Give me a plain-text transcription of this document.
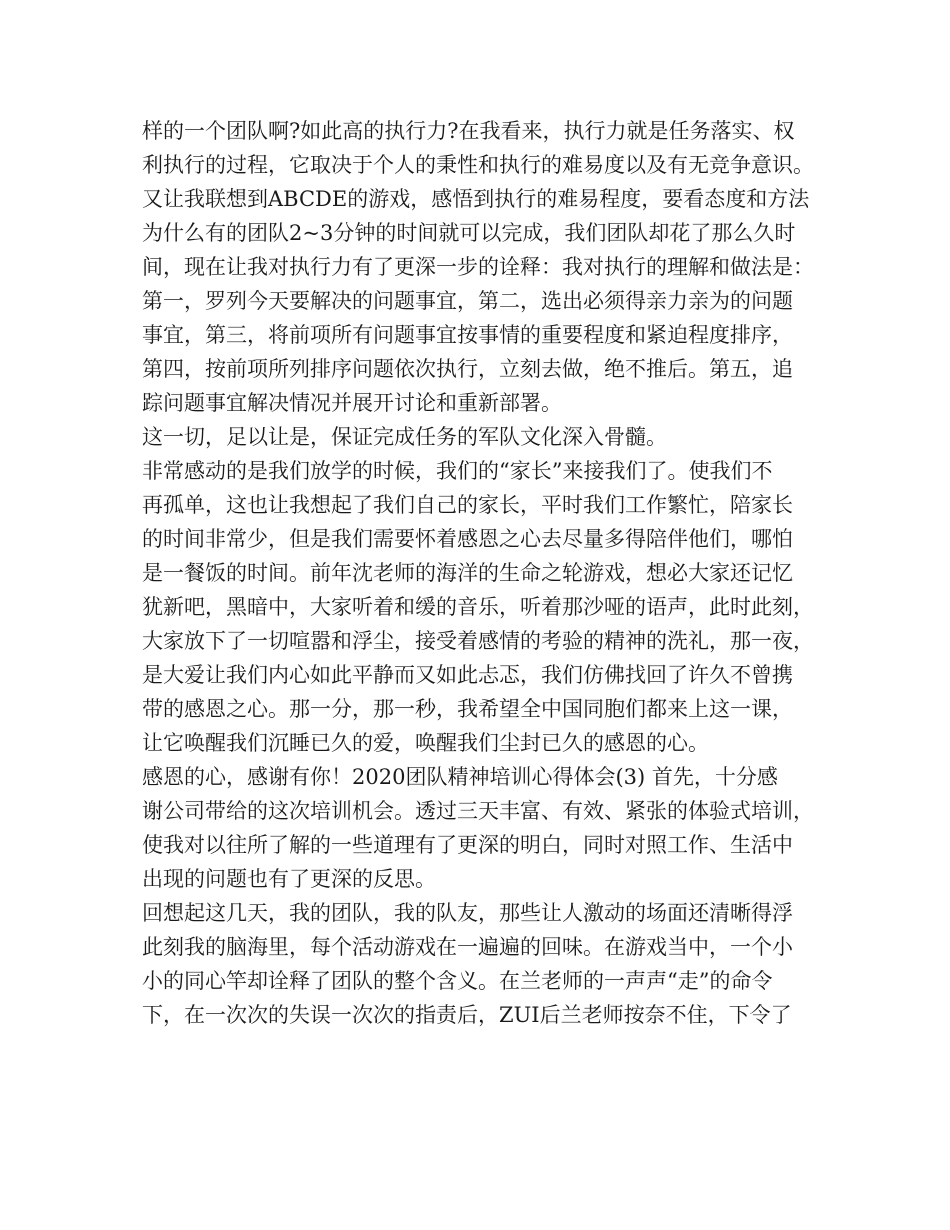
样的一个团队啊?如此高的执行力?在我看来，执行力就是任务落实、权
利执行的过程，它取决于个人的秉性和执行的难易度以及有无竞争意识。
又让我联想到ABCDE的游戏，感悟到执行的难易程度，要看态度和方法
为什么有的团队2~3分钟的时间就可以完成，我们团队却花了那么久时
间，现在让我对执行力有了更深一步的诠释：我对执行的理解和做法是：
第一，罗列今天要解决的问题事宜，第二，选出必须得亲力亲为的问题
事宜，第三，将前项所有问题事宜按事情的重要程度和紧迫程度排序，
第四，按前项所列排序问题依次执行，立刻去做，绝不推后。第五，追
踪问题事宜解决情况并展开讨论和重新部署。
这一切，足以让是，保证完成任务的军队文化深入骨髓。
非常感动的是我们放学的时候，我们的“家长”来接我们了。使我们不
再孤单，这也让我想起了我们自己的家长，平时我们工作繁忙，陪家长
的时间非常少，但是我们需要怀着感恩之心去尽量多得陪伴他们，哪怕
是一餐饭的时间。前年沈老师的海洋的生命之轮游戏，想必大家还记忆
犹新吧，黑暗中，大家听着和缓的音乐，听着那沙哑的语声，此时此刻，
大家放下了一切喧嚣和浮尘，接受着感情的考验的精神的洗礼，那一夜，
是大爱让我们内心如此平静而又如此忐忑，我们仿佛找回了许久不曾携
带的感恩之心。那一分，那一秒，我希望全中国同胞们都来上这一课，
让它唤醒我们沉睡已久的爱，唤醒我们尘封已久的感恩的心。
感恩的心，感谢有你！2020团队精神培训心得体会(3) 首先，十分感
谢公司带给的这次培训机会。透过三天丰富、有效、紧张的体验式培训，
使我对以往所了解的一些道理有了更深的明白，同时对照工作、生活中
出现的问题也有了更深的反思。
回想起这几天，我的团队，我的队友，那些让人激动的场面还清晰得浮
此刻我的脑海里，每个活动游戏在一遍遍的回味。在游戏当中，一个小
小的同心竿却诠释了团队的整个含义。在兰老师的一声声“走”的命令
下，在一次次的失误一次次的指责后，ZUI后兰老师按奈不住，下令了
